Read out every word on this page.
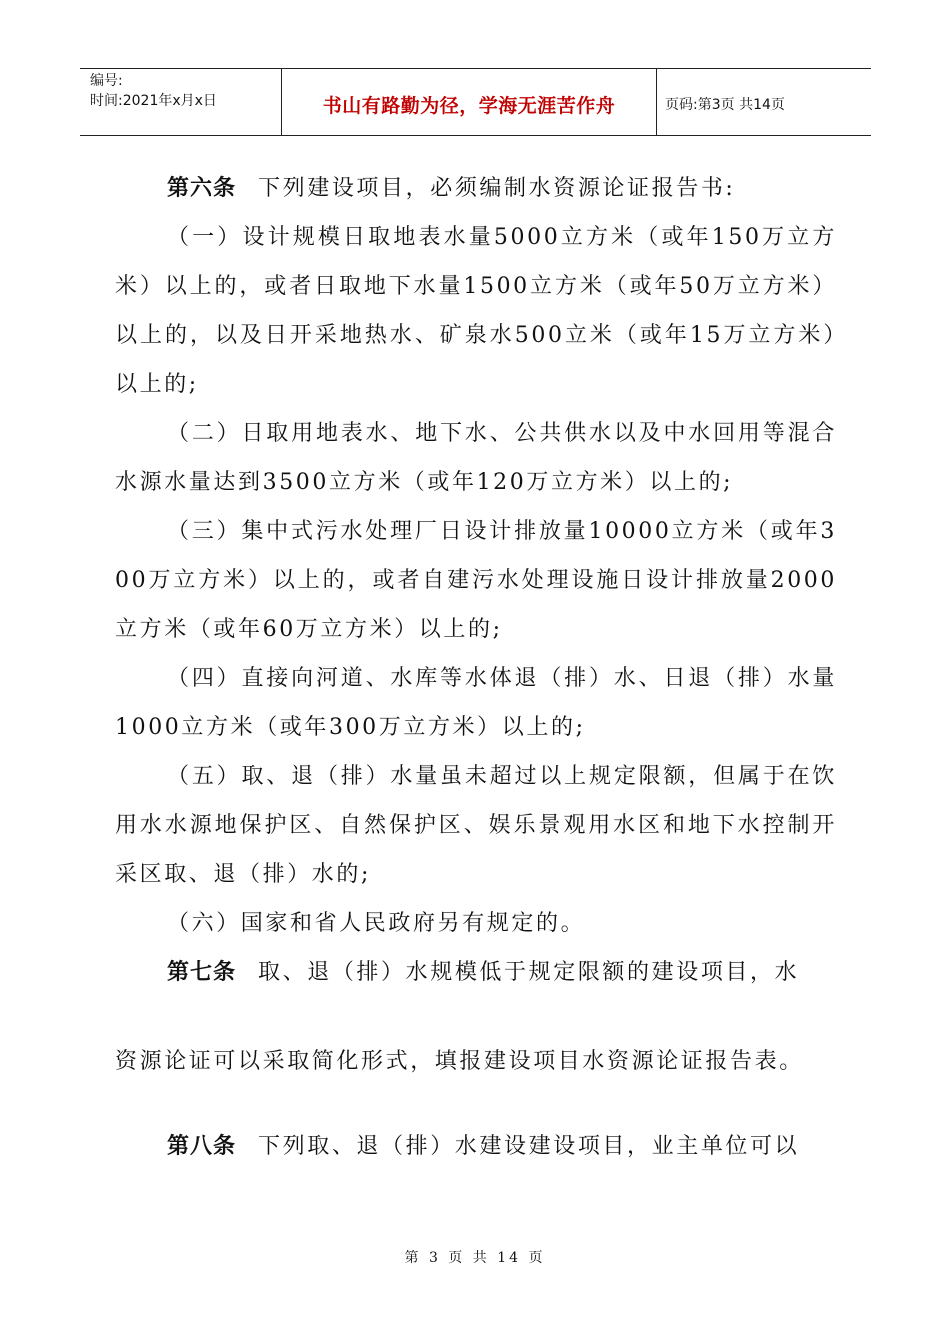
编号:
时间:2021年x月x日	书山有路勤为径，学海无涯苦作舟	页码:第3页 共14页

第六条 下列建设项目，必须编制水资源论证报告书:

（一）设计规模日取地表水量5000立方米（或年150万立方米）以上的，或者日取地下水量1500立方米（或年50万立方米）以上的，以及日开采地热水、矿泉水500立米（或年15万立方米）以上的;

（二）日取用地表水、地下水、公共供水以及中水回用等混合水源水量达到3500立方米（或年120万立方米）以上的;

（三）集中式污水处理厂日设计排放量10000立方米（或年300万立方米）以上的，或者自建污水处理设施日设计排放量2000立方米（或年60万立方米）以上的;

（四）直接向河道、水库等水体退（排）水、日退（排）水量1000立方米（或年300万立方米）以上的;

（五）取、退（排）水量虽未超过以上规定限额，但属于在饮用水水源地保护区、自然保护区、娱乐景观用水区和地下水控制开采区取、退（排）水的;

（六）国家和省人民政府另有规定的。

第七条 取、退（排）水规模低于规定限额的建设项目，水

资源论证可以采取简化形式，填报建设项目水资源论证报告表。

第八条 下列取、退（排）水建设建设项目，业主单位可以

第 3 页 共 14 页
